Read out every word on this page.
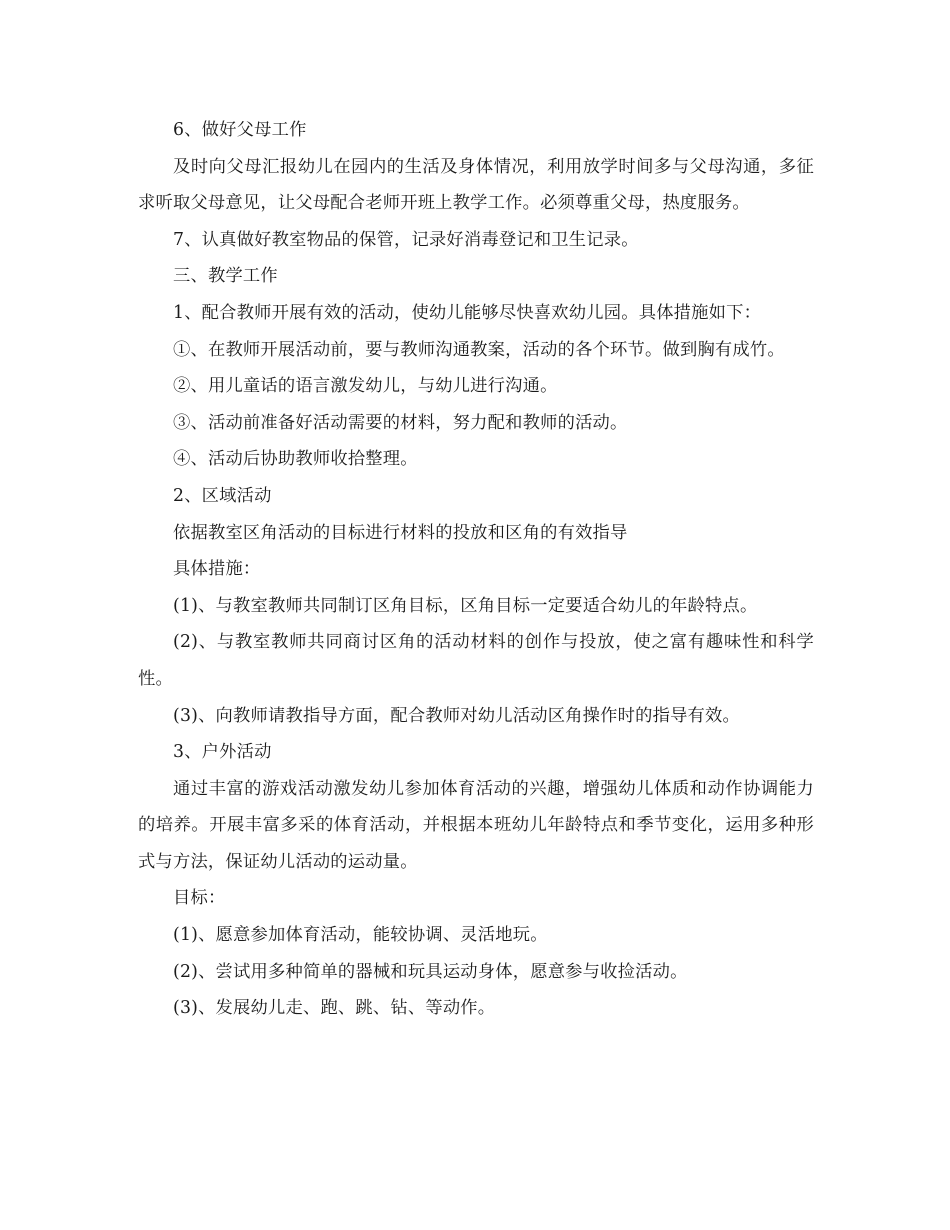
6、做好父母工作

及时向父母汇报幼儿在园内的生活及身体情况，利用放学时间多与父母沟通，多征求听取父母意见，让父母配合老师开班上教学工作。必须尊重父母，热度服务。

7、认真做好教室物品的保管，记录好消毒登记和卫生记录。

三、教学工作

1、配合教师开展有效的活动，使幼儿能够尽快喜欢幼儿园。具体措施如下：

①、在教师开展活动前，要与教师沟通教案，活动的各个环节。做到胸有成竹。

②、用儿童话的语言激发幼儿，与幼儿进行沟通。

③、活动前准备好活动需要的材料，努力配和教师的活动。

④、活动后协助教师收拾整理。

2、区域活动

依据教室区角活动的目标进行材料的投放和区角的有效指导

具体措施：

(1)、与教室教师共同制订区角目标，区角目标一定要适合幼儿的年龄特点。

(2)、与教室教师共同商讨区角的活动材料的创作与投放，使之富有趣味性和科学性。

(3)、向教师请教指导方面，配合教师对幼儿活动区角操作时的指导有效。

3、户外活动

通过丰富的游戏活动激发幼儿参加体育活动的兴趣，增强幼儿体质和动作协调能力的培养。开展丰富多采的体育活动，并根据本班幼儿年龄特点和季节变化，运用多种形式与方法，保证幼儿活动的运动量。

目标：

(1)、愿意参加体育活动，能较协调、灵活地玩。

(2)、尝试用多种简单的器械和玩具运动身体，愿意参与收捡活动。

(3)、发展幼儿走、跑、跳、钻、等动作。
